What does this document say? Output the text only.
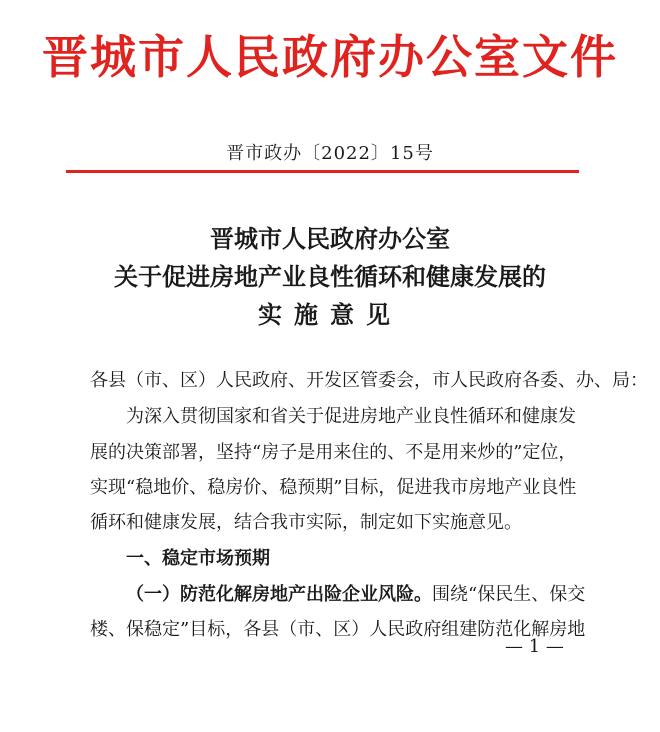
晋城市人民政府办公室文件
晋市政办〔2022〕15号
晋城市人民政府办公室
关于促进房地产业良性循环和健康发展的
实施意见
各县（市、区）人民政府、开发区管委会，市人民政府各委、办、局：
为深入贯彻国家和省关于促进房地产业良性循环和健康发
展的决策部署，坚持“房子是用来住的、不是用来炒的”定位，
实现“稳地价、稳房价、稳预期”目标，促进我市房地产业良性
循环和健康发展，结合我市实际，制定如下实施意见。
一、稳定市场预期
（一）防范化解房地产出险企业风险。围绕“保民生、保交
楼、保稳定”目标，各县（市、区）人民政府组建防范化解房地
— 1 —
